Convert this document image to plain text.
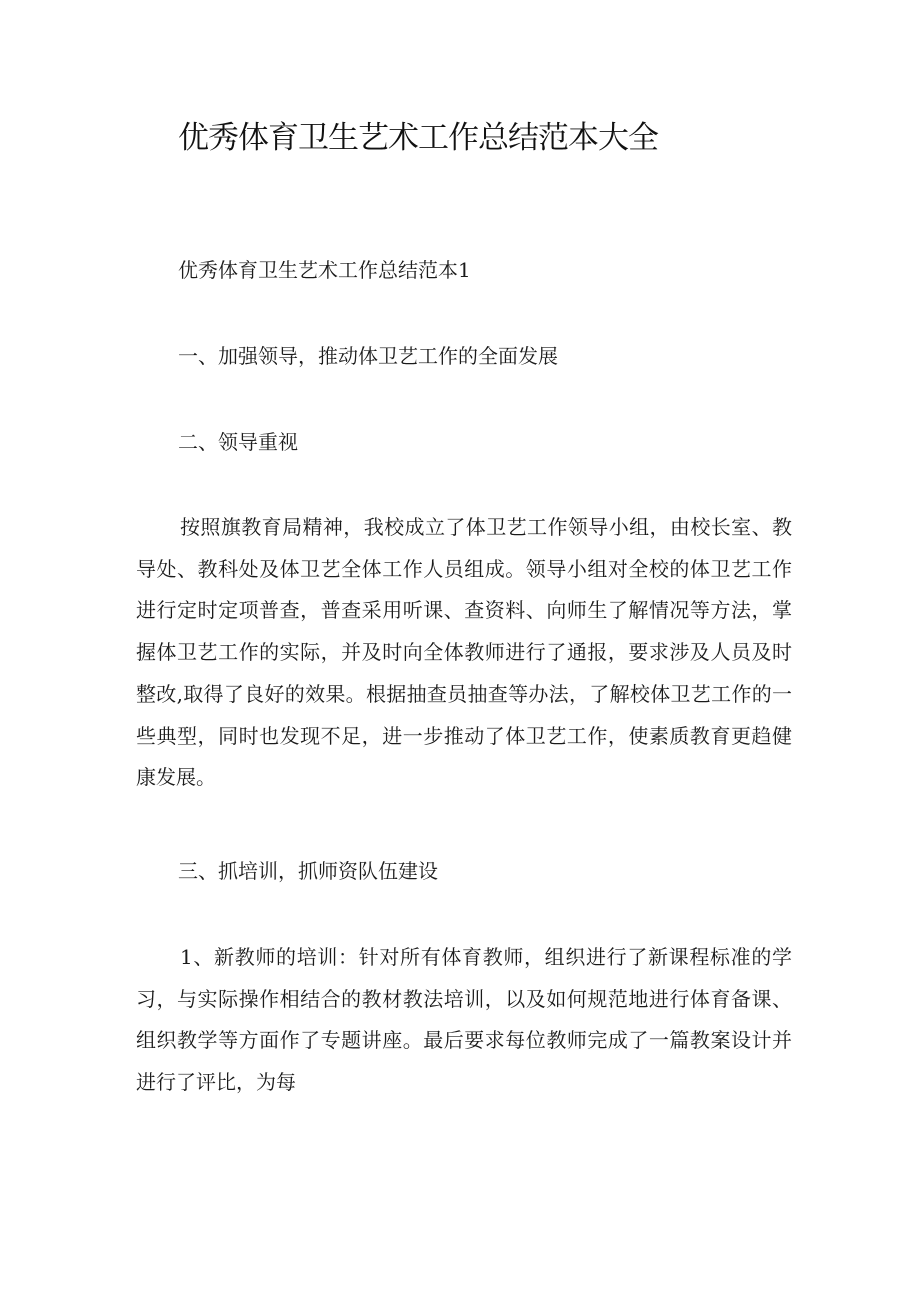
优秀体育卫生艺术工作总结范本大全

优秀体育卫生艺术工作总结范本1

一、加强领导，推动体卫艺工作的全面发展

二、领导重视

按照旗教育局精神，我校成立了体卫艺工作领导小组，由校长室、教导处、教科处及体卫艺全体工作人员组成。领导小组对全校的体卫艺工作进行定时定项普查，普查采用听课、查资料、向师生了解情况等方法，掌握体卫艺工作的实际，并及时向全体教师进行了通报，要求涉及人员及时整改,取得了良好的效果。根据抽查员抽查等办法，了解校体卫艺工作的一些典型，同时也发现不足，进一步推动了体卫艺工作，使素质教育更趋健康发展。

三、抓培训，抓师资队伍建设

1、新教师的培训：针对所有体育教师，组织进行了新课程标准的学习，与实际操作相结合的教材教法培训，以及如何规范地进行体育备课、组织教学等方面作了专题讲座。最后要求每位教师完成了一篇教案设计并进行了评比，为每
